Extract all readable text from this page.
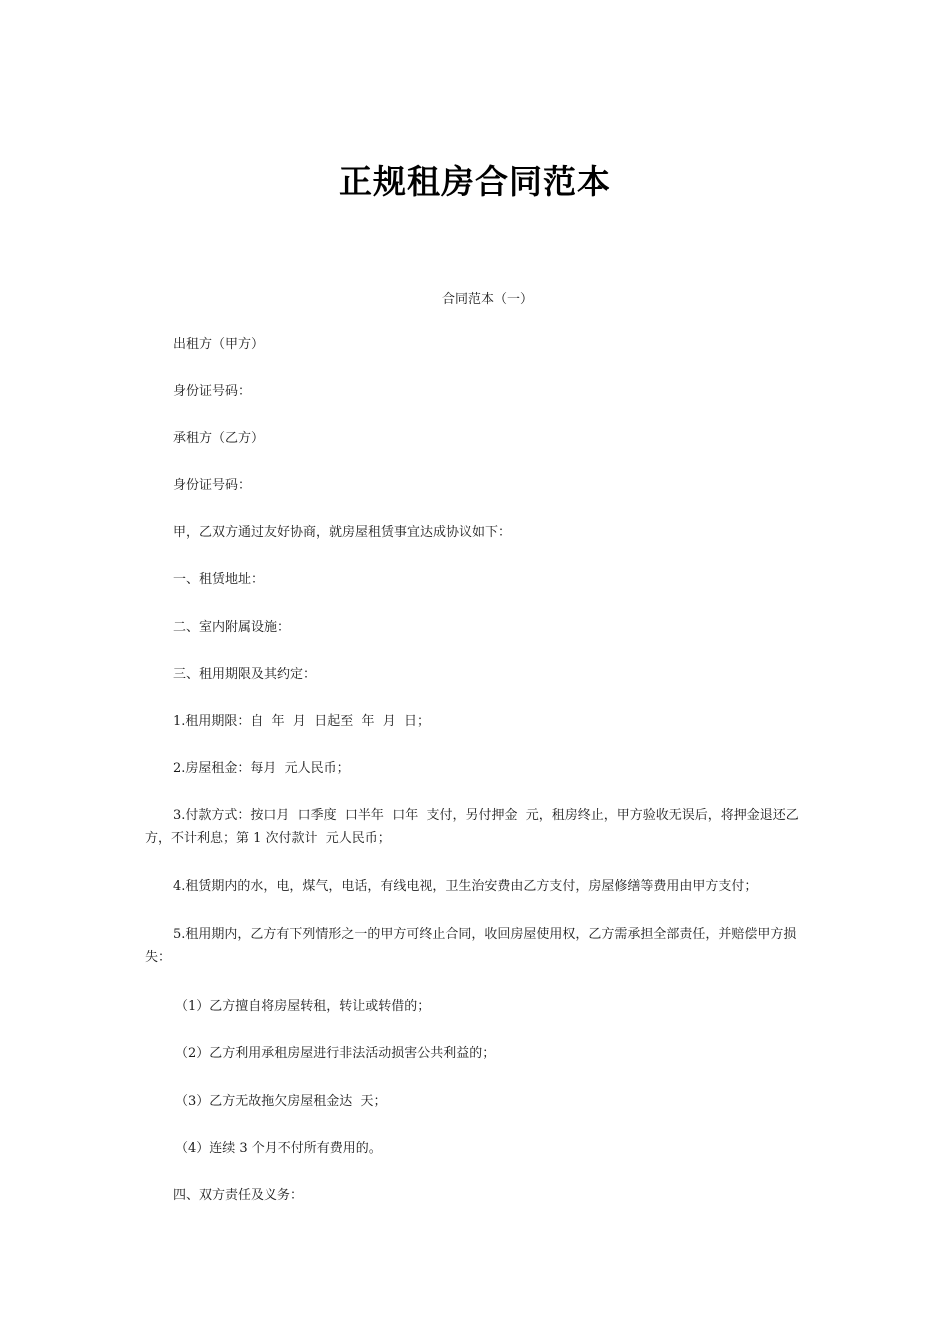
正规租房合同范本

合同范本（一）

出租方（甲方）

身份证号码：

承租方（乙方）

身份证号码：

甲，乙双方通过友好协商，就房屋租赁事宜达成协议如下：

一、租赁地址：

二、室内附属设施：

三、租用期限及其约定：

1.租用期限：自  年  月  日起至  年  月  日；

2.房屋租金：每月  元人民币；

3.付款方式：按口月  口季度  口半年  口年  支付，另付押金  元，租房终止，甲方验收无误后，将押金退还乙方，不计利息；第 1 次付款计  元人民币；

4.租赁期内的水，电，煤气，电话，有线电视，卫生治安费由乙方支付，房屋修缮等费用由甲方支付；

5.租用期内，乙方有下列情形之一的甲方可终止合同，收回房屋使用权，乙方需承担全部责任，并赔偿甲方损失：

（1）乙方擅自将房屋转租，转让或转借的；

（2）乙方利用承租房屋进行非法活动损害公共利益的；

（3）乙方无故拖欠房屋租金达  天；

（4）连续 3 个月不付所有费用的。

四、双方责任及义务：
